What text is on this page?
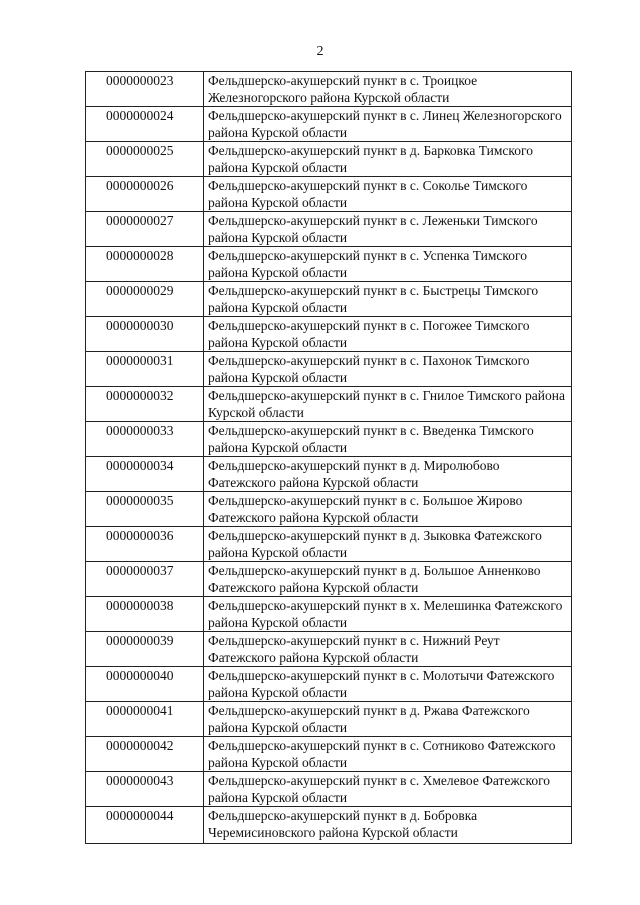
2
0000000023	Фельдшерско-акушерский пункт в с. Троицкое Железногорского района Курской области
0000000024	Фельдшерско-акушерский пункт в с. Линец Железногорского района Курской области
0000000025	Фельдшерско-акушерский пункт в д. Барковка Тимского района Курской области
0000000026	Фельдшерско-акушерский пункт в с. Соколье Тимского района Курской области
0000000027	Фельдшерско-акушерский пункт в с. Леженьки Тимского района Курской области
0000000028	Фельдшерско-акушерский пункт в с. Успенка Тимского района Курской области
0000000029	Фельдшерско-акушерский пункт в с. Быстрецы Тимского района Курской области
0000000030	Фельдшерско-акушерский пункт в с. Погожее Тимского района Курской области
0000000031	Фельдшерско-акушерский пункт в с. Пахонок Тимского района Курской области
0000000032	Фельдшерско-акушерский пункт в с. Гнилое Тимского района Курской области
0000000033	Фельдшерско-акушерский пункт в с. Введенка Тимского района Курской области
0000000034	Фельдшерско-акушерский пункт в д. Миролюбово Фатежского района Курской области
0000000035	Фельдшерско-акушерский пункт в с. Большое Жирово Фатежского района Курской области
0000000036	Фельдшерско-акушерский пункт в д. Зыковка Фатежского района Курской области
0000000037	Фельдшерско-акушерский пункт в д. Большое Анненково Фатежского района Курской области
0000000038	Фельдшерско-акушерский пункт в х. Мелешинка Фатежского района Курской области
0000000039	Фельдшерско-акушерский пункт в с. Нижний Реут Фатежского района Курской области
0000000040	Фельдшерско-акушерский пункт в с. Молотычи Фатежского района Курской области
0000000041	Фельдшерско-акушерский пункт в д. Ржава Фатежского района Курской области
0000000042	Фельдшерско-акушерский пункт в с. Сотниково Фатежского района Курской области
0000000043	Фельдшерско-акушерский пункт в с. Хмелевое Фатежского района Курской области
0000000044	Фельдшерско-акушерский пункт в д. Бобровка Черемисиновского района Курской области
